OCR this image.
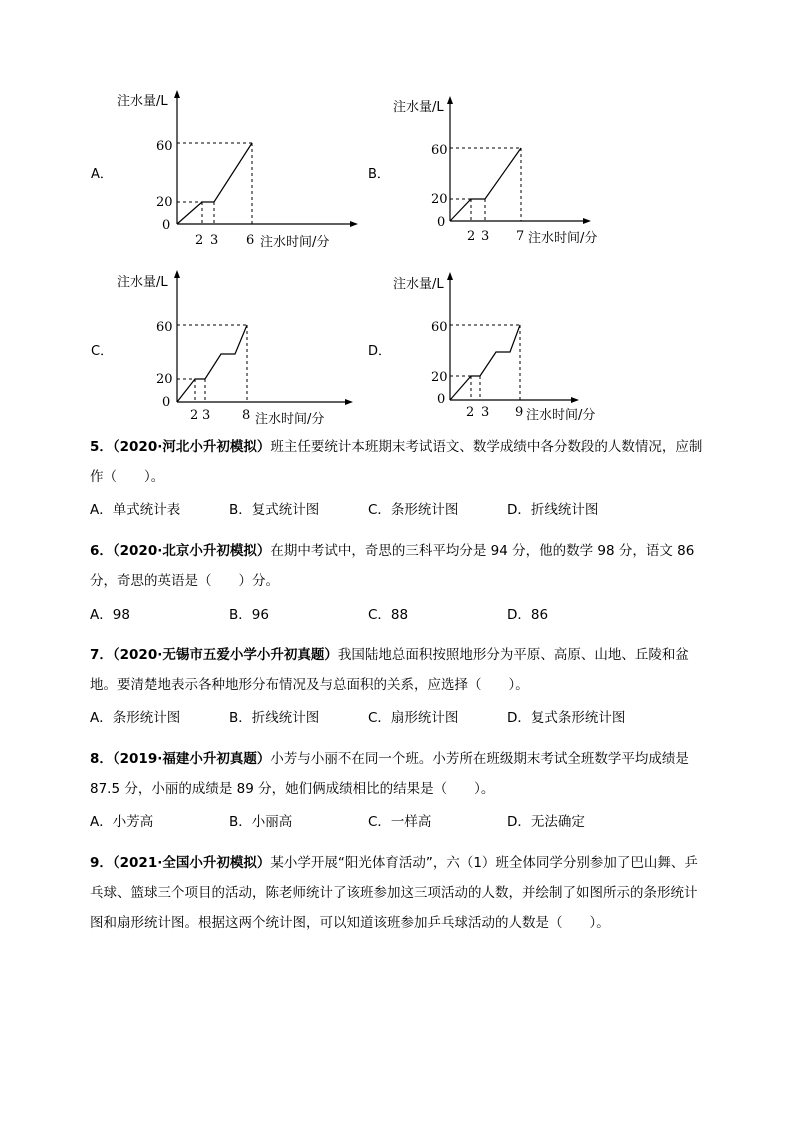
A．
注水量/L
60
20
0
2 3 6 注水时间/分
B．
注水量/L
60
20
0
2 3 7 注水时间/分
C．
注水量/L
60
20
0
2 3 8 注水时间/分
D．
注水量/L
60
20
0
2 3 9 注水时间/分
5．（2020·河北小升初模拟）班主任要统计本班期末考试语文、数学成绩中各分数段的人数情况，应制作（　　）。
A．单式统计表	B．复式统计图	C．条形统计图	D．折线统计图
6．（2020·北京小升初模拟）在期中考试中，奇思的三科平均分是 94 分，他的数学 98 分，语文 86 分，奇思的英语是（　　）分。
A．98	B．96	C．88	D．86
7．（2020·无锡市五爱小学小升初真题）我国陆地总面积按照地形分为平原、高原、山地、丘陵和盆地。要清楚地表示各种地形分布情况及与总面积的关系，应选择（　　）。
A．条形统计图	B．折线统计图	C．扇形统计图	D．复式条形统计图
8．（2019·福建小升初真题）小芳与小丽不在同一个班。小芳所在班级期末考试全班数学平均成绩是 87.5 分，小丽的成绩是 89 分，她们俩成绩相比的结果是（　　）。
A．小芳高	B．小丽高	C．一样高	D．无法确定
9．（2021·全国小升初模拟）某小学开展“阳光体育活动”，六（1）班全体同学分别参加了巴山舞、乒乓球、篮球三个项目的活动，陈老师统计了该班参加这三项活动的人数，并绘制了如图所示的条形统计图和扇形统计图。根据这两个统计图，可以知道该班参加乒乓球活动的人数是（　　）。
